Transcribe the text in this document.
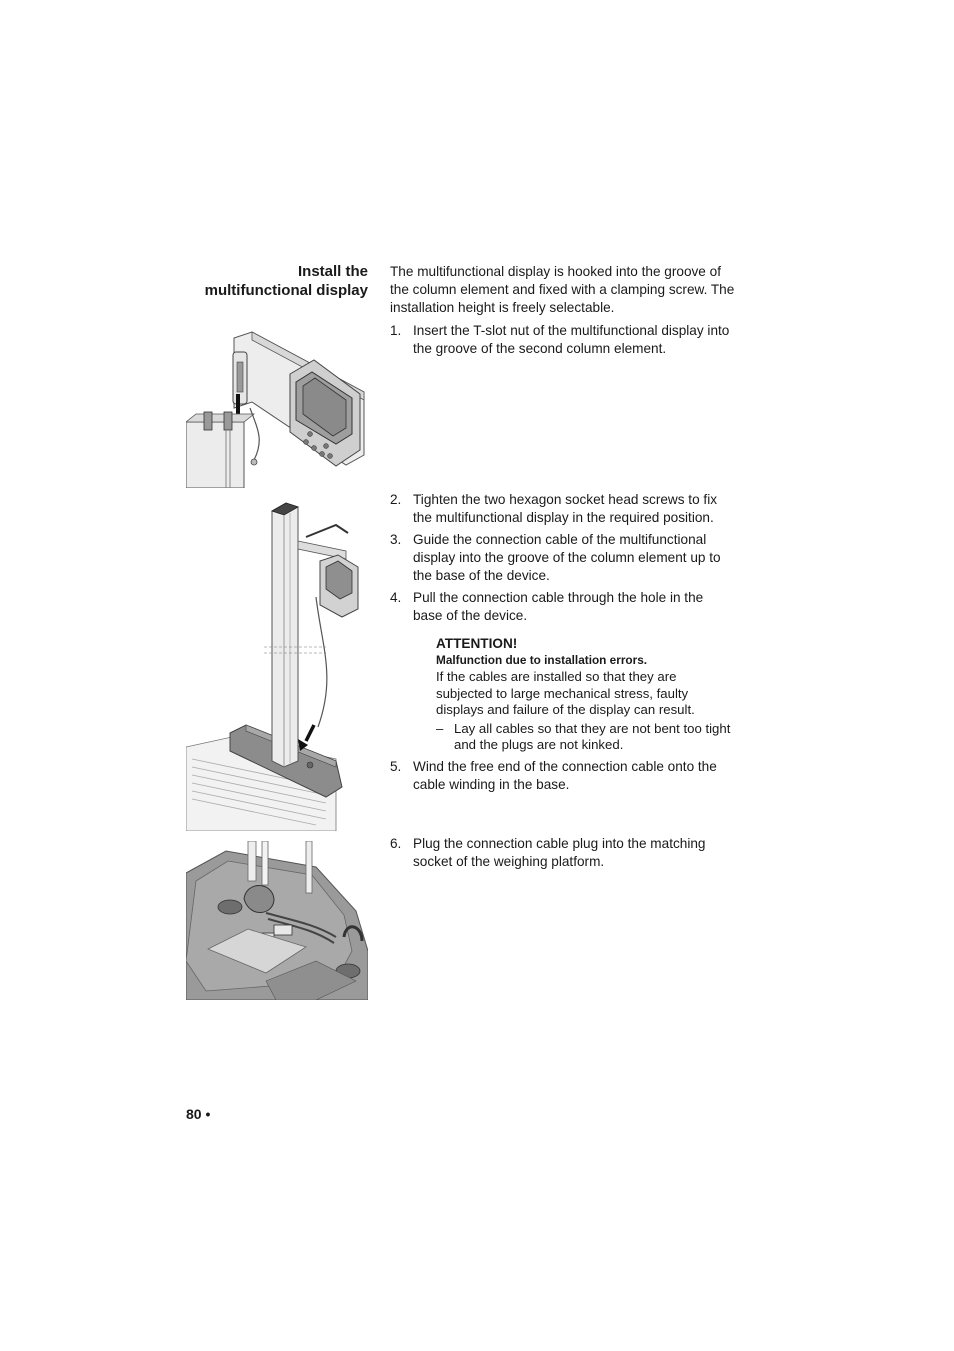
Install the
multifunctional display

The multifunctional display is hooked into the groove of the column element and fixed with a clamping screw. The installation height is freely selectable.

1. Insert the T-slot nut of the multifunctional display into the groove of the second column element.
2. Tighten the two hexagon socket head screws to fix the multifunctional display in the required position.
3. Guide the connection cable of the multifunctional display into the groove of the column element up to the base of the device.
4. Pull the connection cable through the hole in the base of the device.
ATTENTION!
Malfunction due to installation errors.
If the cables are installed so that they are subjected to large mechanical stress, faulty displays and failure of the display can result.
– Lay all cables so that they are not bent too tight and the plugs are not kinked.
5. Wind the free end of the connection cable onto the cable winding in the base.
6. Plug the connection cable plug into the matching socket of the weighing platform.
80 •
